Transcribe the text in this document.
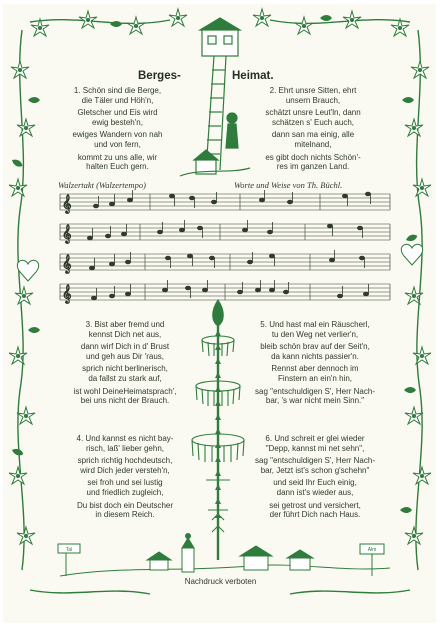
𝄞
𝄞
𝄞
𝄞
Tal	Alm
Berges-	Heimat.
1. Schön sind die Berge,
die Täler und Höh'n,
Gletscher und Eis wird
ewig besteh'n,
ewiges Wandern von nah
und von fern,
kommt zu uns alle, wir
halten Euch gern.
2. Ehrt unsre Sitten, ehrt
unsern Brauch,
schätzt unsre Leut'ln, dann
schätzen s' Euch auch,
dann san ma einig, alle
mitelnand,
es gibt doch nichts Schön'-
res im ganzen Land.
Walzertakt (Walzertempo)	Worte und Weise von Th. Büchl.
3. Bist aber fremd und
kennst Dich net aus,
dann wirf Dich in d' Brust
und geh aus Dir 'raus,
sprich nicht berlinerisch,
da fallst zu stark auf,
ist wohl DeineHeimatsprach',
bei uns nicht der Brauch.
5. Und hast mal ein Räuscherl,
tu den Weg net verlier'n,
bleib schön brav auf der Seit'n,
da kann nichts passier'n.
Rennst aber dennoch im
Finstern an ein'n hin,
sag "entschuldigen S', Herr Nach-
bar, 's war nicht mein Sinn."
4. Und kannst es nicht bay-
risch, laß' lieber gehn,
sprich richtig hochdeutsch,
wird Dich jeder versteh'n,
sei froh und sei lustig
und friedlich zugleich,
Du bist doch ein Deutscher
in diesem Reich.
6. Und schreit er glei wieder
"Depp, kannst mi net sehn",
sag "entschuldigen S', Herr Nach-
bar, Jetzt ist's schon g'schehn"
und seid Ihr Euch einig,
dann ist's wieder aus,
sei getrost und versichert,
der führt Dich nach Haus.
Nachdruck verboten
